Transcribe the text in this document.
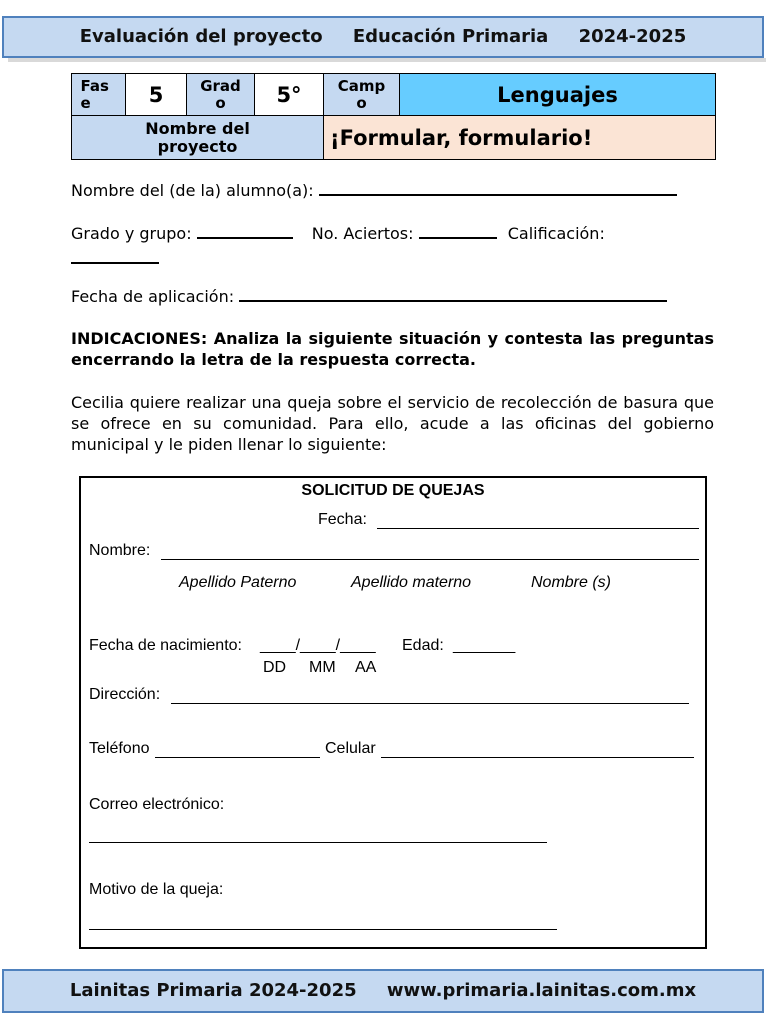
Evaluación del proyecto Educación Primaria 2024-2025
Fase	5	Grado	5°	Campo	Lenguajes

Nombre del proyecto				¡Formular, formulario!	
Nombre del (de la) alumno(a):
Grado y grupo:	No. Aciertos:	Calificación:
Fecha de aplicación:
INDICACIONES: Analiza la siguiente situación y contesta las preguntas encerrando la letra de la respuesta correcta.
Cecilia quiere realizar una queja sobre el servicio de recolección de basura que se ofrece en su comunidad. Para ello, acude a las oficinas del gobierno municipal y le piden llenar lo siguiente:
SOLICITUD DE QUEJAS
Fecha:
Nombre:
Apellido Paterno	Apellido materno	Nombre (s)
Fecha de nacimiento: ____/____/____ Edad: _______
DD MM AA
Dirección:
Teléfono	Celular
Correo electrónico:
Motivo de la queja:
Lainitas Primaria 2024-2025 www.primaria.lainitas.com.mx
